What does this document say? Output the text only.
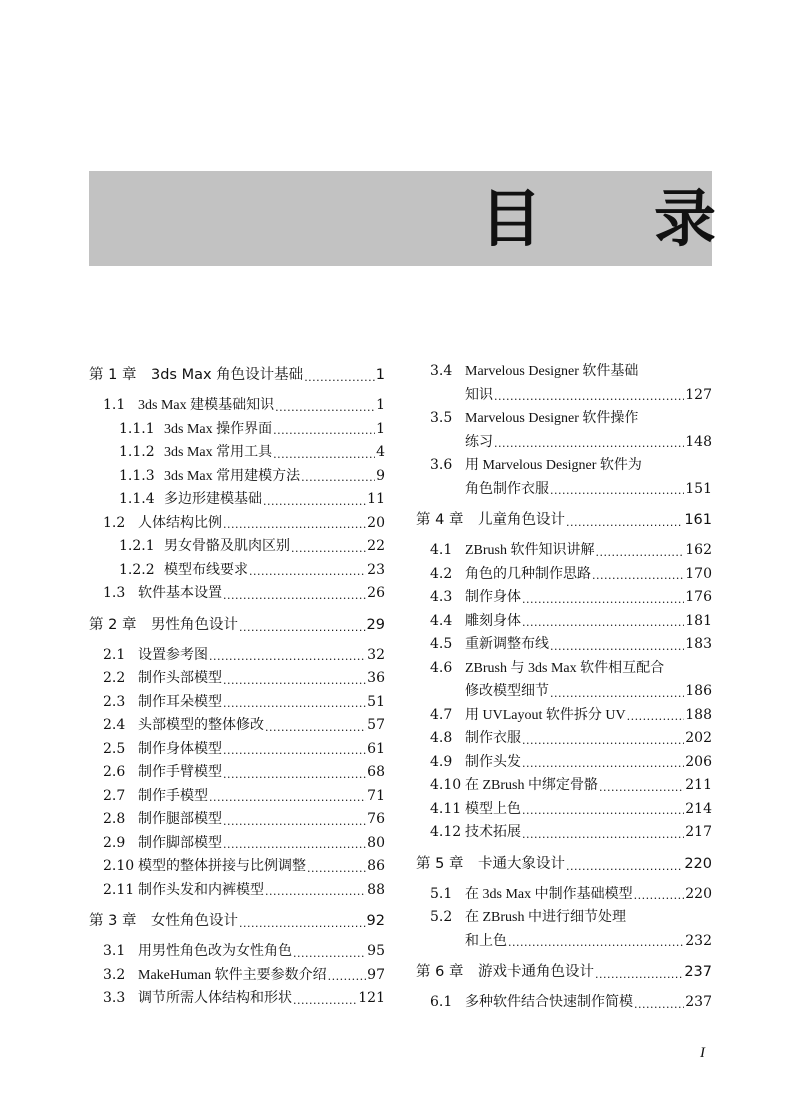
目 录
第 1 章	3ds Max 角色设计基础 .....	1
1.1 3ds Max 建模基础知识 .....	1
1.1.1 3ds Max 操作界面 .....	1
1.1.2 3ds Max 常用工具 .....	4
1.1.3 3ds Max 常用建模方法 .....	9
1.1.4 多边形建模基础 .....	11
1.2 人体结构比例 .....	20
1.2.1 男女骨骼及肌肉区别 .....	22
1.2.2 模型布线要求 .....	23
1.3 软件基本设置 .....	26
第 2 章	男性角色设计 .....	29
2.1 设置参考图 .....	32
2.2 制作头部模型 .....	36
2.3 制作耳朵模型 .....	51
2.4 头部模型的整体修改 .....	57
2.5 制作身体模型 .....	61
2.6 制作手臂模型 .....	68
2.7 制作手模型 .....	71
2.8 制作腿部模型 .....	76
2.9 制作脚部模型 .....	80
2.10 模型的整体拼接与比例调整 .....	86
2.11 制作头发和内裤模型 .....	88
第 3 章	女性角色设计 .....	92
3.1 用男性角色改为女性角色 .....	95
3.2 MakeHuman 软件主要参数介绍 .....	97
3.3 调节所需人体结构和形状 .....	121
3.4 Marvelous Designer 软件基础
知识 .....	127
3.5 Marvelous Designer 软件操作
练习 .....	148
3.6 用 Marvelous Designer 软件为
角色制作衣服 .....	151
第 4 章	儿童角色设计 .....	161
4.1 ZBrush 软件知识讲解 .....	162
4.2 角色的几种制作思路 .....	170
4.3 制作身体 .....	176
4.4 雕刻身体 .....	181
4.5 重新调整布线 .....	183
4.6 ZBrush 与 3ds Max 软件相互配合
修改模型细节 .....	186
4.7 用 UVLayout 软件拆分 UV .....	188
4.8 制作衣服 .....	202
4.9 制作头发 .....	206
4.10 在 ZBrush 中绑定骨骼 .....	211
4.11 模型上色 .....	214
4.12 技术拓展 .....	217
第 5 章	卡通大象设计 .....	220
5.1 在 3ds Max 中制作基础模型 .....	220
5.2 在 ZBrush 中进行细节处理
和上色 .....	232
第 6 章	游戏卡通角色设计 .....	237
6.1 多种软件结合快速制作简模 .....	237
I
